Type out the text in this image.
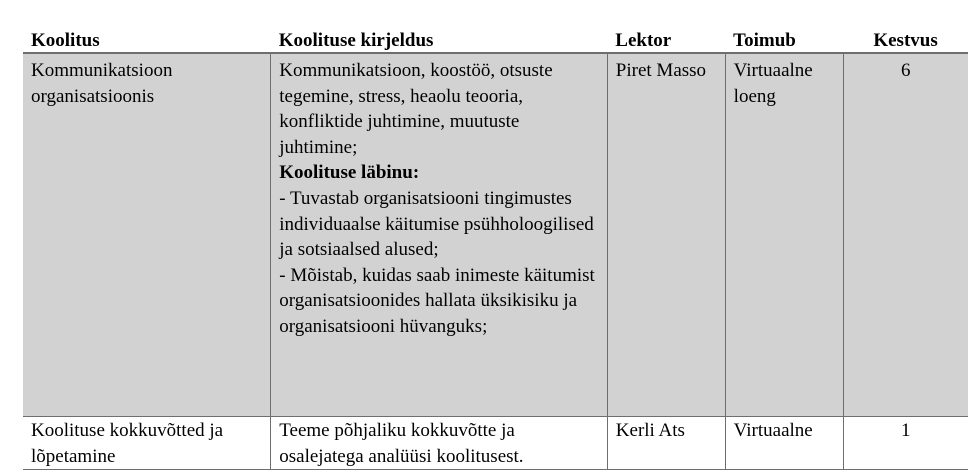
Koolitus	Koolituse kirjeldus	Lektor	Toimub	Kestvus
Kommunikatsioon organisatsioonis	Kommunikatsioon, koostöö, otsuste tegemine, stress, heaolu teooria, konfliktide juhtimine, muutuste juhtimine;
Koolituse läbinu:
- Tuvastab organisatsiooni tingimustes individuaalse käitumise psühholoogilised ja sotsiaalsed alused;
- Mõistab, kuidas saab inimeste käitumist organisatsioonides hallata üksikisiku ja organisatsiooni hüvanguks;	Piret Masso	Virtuaalne loeng	6
Koolituse kokkuvõtted ja lõpetamine	Teeme põhjaliku kokkuvõtte ja osalejatega analüüsi koolitusest.	Kerli Ats	Virtuaalne	1
